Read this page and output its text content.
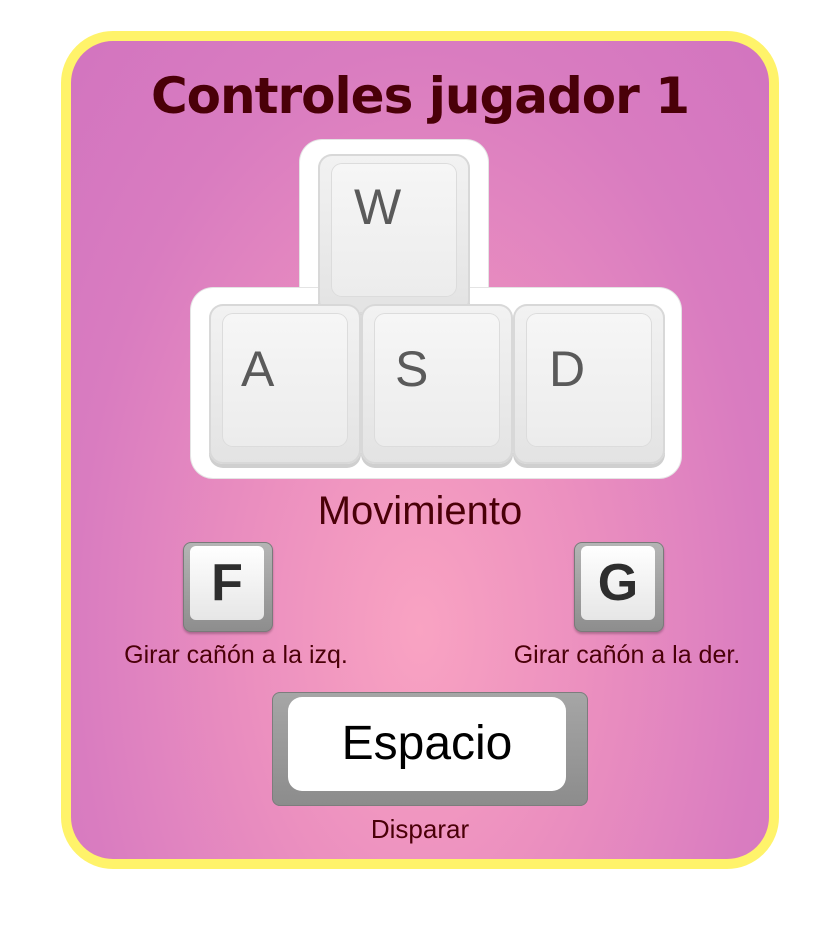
Controles jugador 1
W
A S D
Movimiento
F
Girar cañón a la izq.
G
Girar cañón a la der.
Espacio
Disparar
